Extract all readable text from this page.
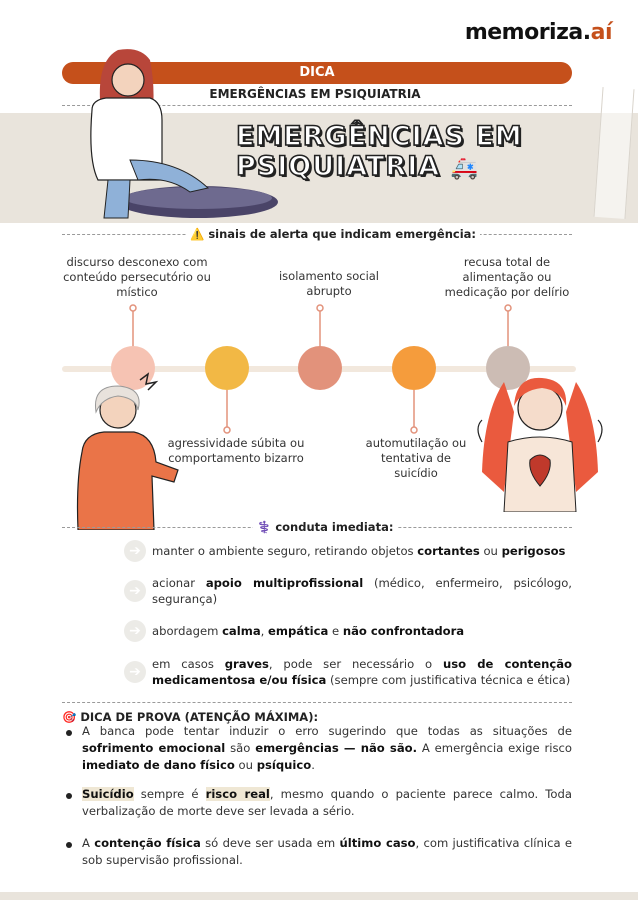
memoriza.aí
DICA
EMERGÊNCIAS EM PSIQUIATRIA
EMERGÊNCIAS EM
PSIQUIATRIA 🚑
⚠️ sinais de alerta que indicam emergência:
discurso desconexo com conteúdo persecutório ou místico
isolamento social abrupto
recusa total de alimentação ou medicação por delírio
agressividade súbita ou comportamento bizarro
automutilação ou tentativa de suicídio
⚕️ conduta imediata:
➔ manter o ambiente seguro, retirando objetos cortantes ou perigosos
➔ acionar apoio multiprofissional (médico, enfermeiro, psicólogo, segurança)
➔ abordagem calma, empática e não confrontadora
➔ em casos graves, pode ser necessário o uso de contenção medicamentosa e/ou física (sempre com justificativa técnica e ética)
🎯 DICA DE PROVA (ATENÇÃO MÁXIMA):
A banca pode tentar induzir o erro sugerindo que todas as situações de sofrimento emocional são emergências — não são. A emergência exige risco imediato de dano físico ou psíquico.
Suicídio sempre é risco real, mesmo quando o paciente parece calmo. Toda verbalização de morte deve ser levada a sério.
A contenção física só deve ser usada em último caso, com justificativa clínica e sob supervisão profissional.
